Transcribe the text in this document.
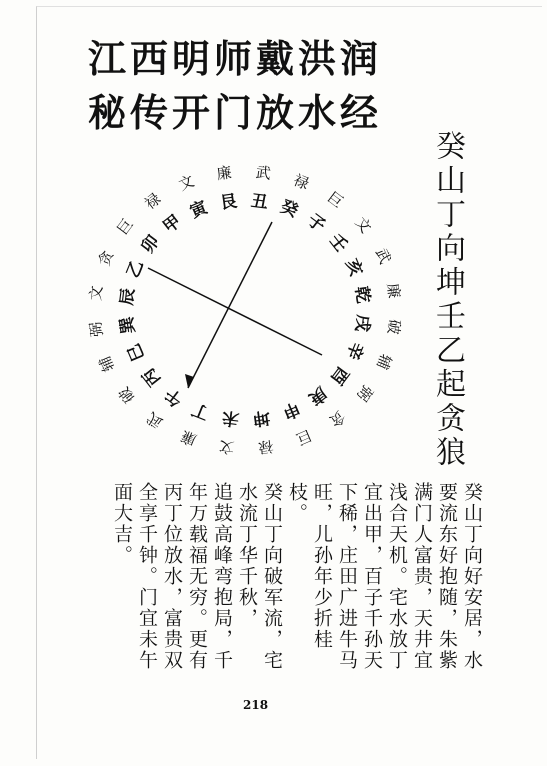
江西明师戴洪润
秘传开门放水经
癸山丁向坤壬乙起贪狼
癸
子
壬
亥
乾
戌
辛
酉
庚
申
坤
未
丁
午
丙
巳
巽
辰
乙
卯
甲
寅 艮 丑
禄
巨
文
武
廉
破
辅
弼
贪
巨
禄
文
廉
武
破
辅
弼
文
贪
巨
禄
文 廉 武

癸山丁向好安居，水

要流东好抱随，朱紫

满门人富贵，天井宜

浅合天机。宅水放丁

宜出甲，百子千孙天

下稀，庄田广进牛马

旺，儿孙年少折桂

枝。

癸山丁向破军流，宅

水流丁华千秋，

追鼓高峰弯抱局，千

年万载福无穷。更有

丙丁位放水，富贵双

全享千钟。门宜未午

面大吉。

218
